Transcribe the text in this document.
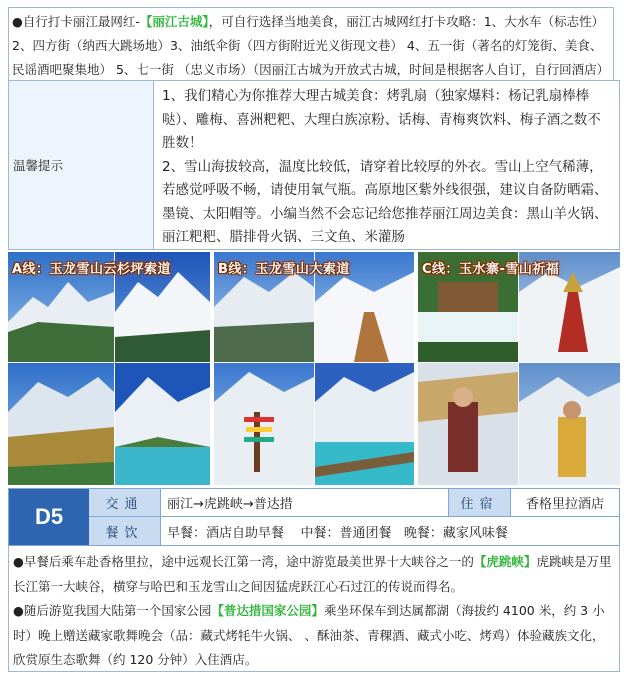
●自行打卡丽江最网红-【丽江古城】，可自行选择当地美食，丽江古城网红打卡攻略：1、大水车（标志性）2、四方街（纳西大跳场地）3、油纸伞街（四方街附近光义街现文巷） 4、五一街（著名的灯笼街、美食、民谣酒吧聚集地） 5、七一街 （忠义市场）（因丽江古城为开放式古城，时间是根据客人自订，自行回酒店）
温馨提示
1、我们精心为你推荐大理古城美食：烤乳扇（独家爆料：杨记乳扇棒棒哒）、雕梅、喜洲粑粑、大理白族凉粉、话梅、青梅爽饮料、梅子酒之数不胜数！
2、雪山海拔较高，温度比较低，请穿着比较厚的外衣。雪山上空气稀薄，若感觉呼吸不畅，请使用氧气瓶。高原地区紫外线很强，建议自备防晒霜、墨镜、太阳帽等。小编当然不会忘记给您推荐丽江周边美食：黑山羊火锅、丽江粑粑、腊排骨火锅、三文鱼、米灌肠
A线：玉龙雪山云杉坪索道	B线：玉龙雪山大索道	C线：玉水寨-雪山祈福
D5	交通	丽江→虎跳峡→普达措	住宿	香格里拉酒店
餐饮	早餐：酒店自助早餐    中餐：普通团餐   晚餐：藏家风味餐
●早餐后乘车赴香格里拉，途中远观长江第一湾，途中游览最美世界十大峡谷之一的【虎跳峡】虎跳峡是万里长江第一大峡谷，横穿与哈巴和玉龙雪山之间因猛虎跃江心石过江的传说而得名。
●随后游览我国大陆第一个国家公园【普达措国家公园】乘坐环保车到达属都湖（海拔约 4100 米，约 3 小时）晚上赠送藏家歌舞晚会（品：藏式烤牦牛火锅、 、酥油茶、青稞酒、藏式小吃、烤鸡）体验藏族文化，欣赏原生态歌舞（约 120 分钟）入住酒店。
